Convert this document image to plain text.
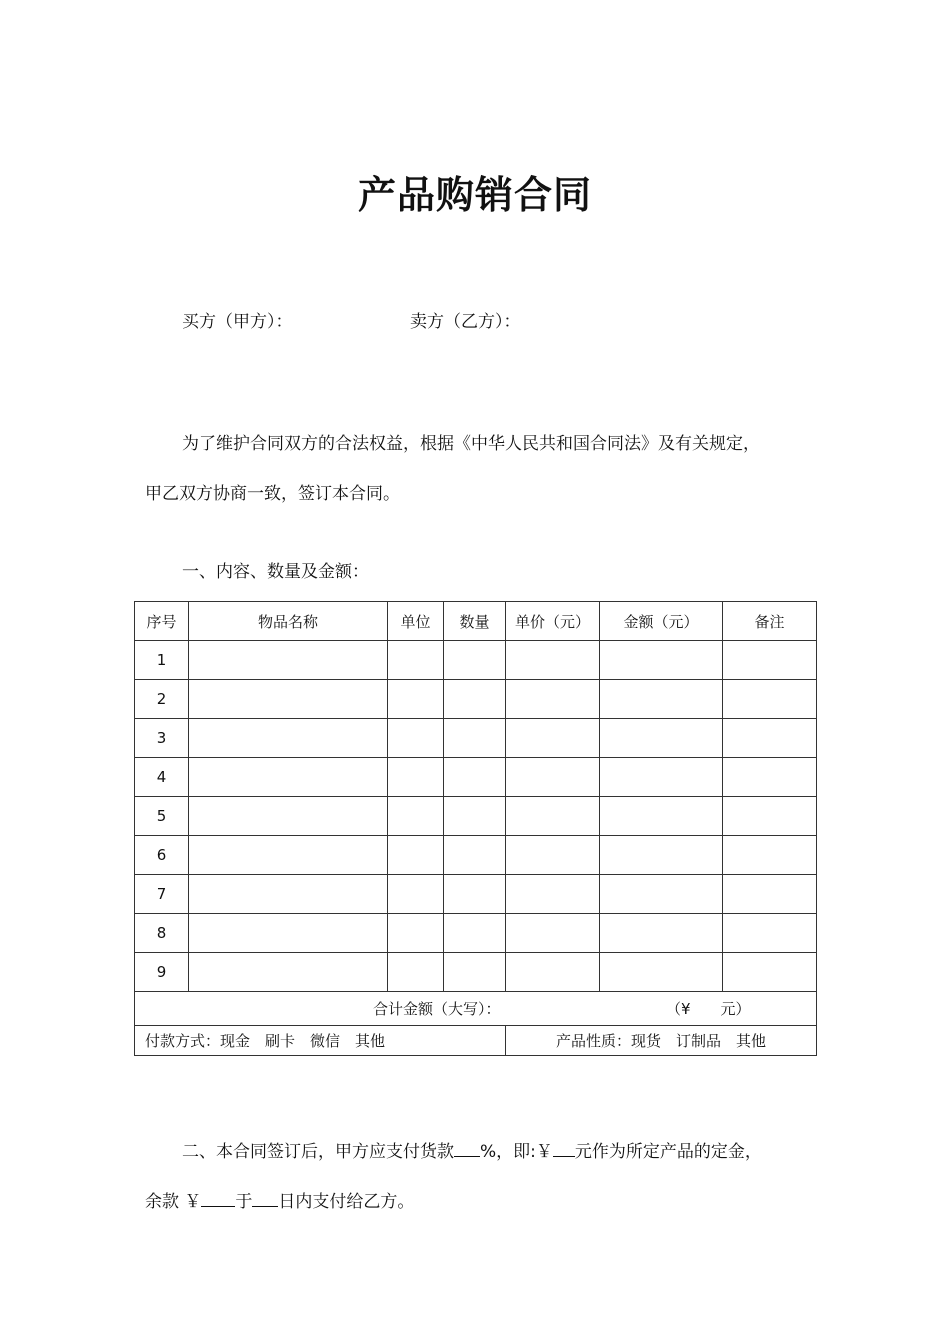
产品购销合同
买方（甲方）：	卖方（乙方）：
为了维护合同双方的合法权益，根据《中华人民共和国合同法》及有关规定，
甲乙双方协商一致，签订本合同。
一、内容、数量及金额：
序号	物品名称	单位	数量	单价（元）	金额（元）	备注
1						
2						
3						
4						
5						
6						
7						
8						
9						
合计金额（大写）： （¥　　元）						
付款方式：现金　刷卡　微信　其他				产品性质：现货　订制品　其他		
二、本合同签订后，甲方应支付货款 %，即:￥ 元作为所定产品的定金，
余款 ￥ 于 日内支付给乙方。
